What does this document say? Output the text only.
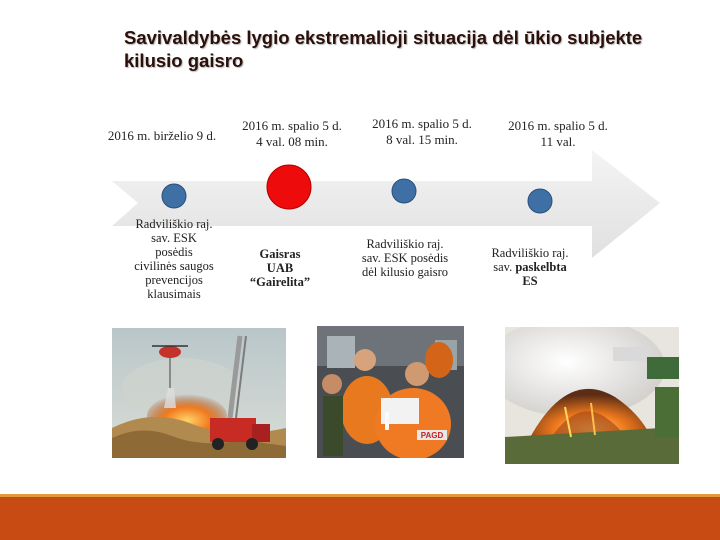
Savivaldybės lygio ekstremalioji situacija dėl ūkio subjekte kilusio gaisro
2016 m. birželio 9 d.
2016 m. spalio 5 d.
4 val. 08 min.
2016 m. spalio 5 d.
8 val. 15 min.
2016 m. spalio 5 d.
11 val.
Radviliškio raj.
sav. ESK
posėdis
civilinės saugos
prevencijos
klausimais
Gaisras
UAB
“Gairelita”
Radviliškio raj.
sav. ESK posėdis
dėl kilusio gaisro
Radviliškio raj.
sav. paskelbta
ES
PAGD
